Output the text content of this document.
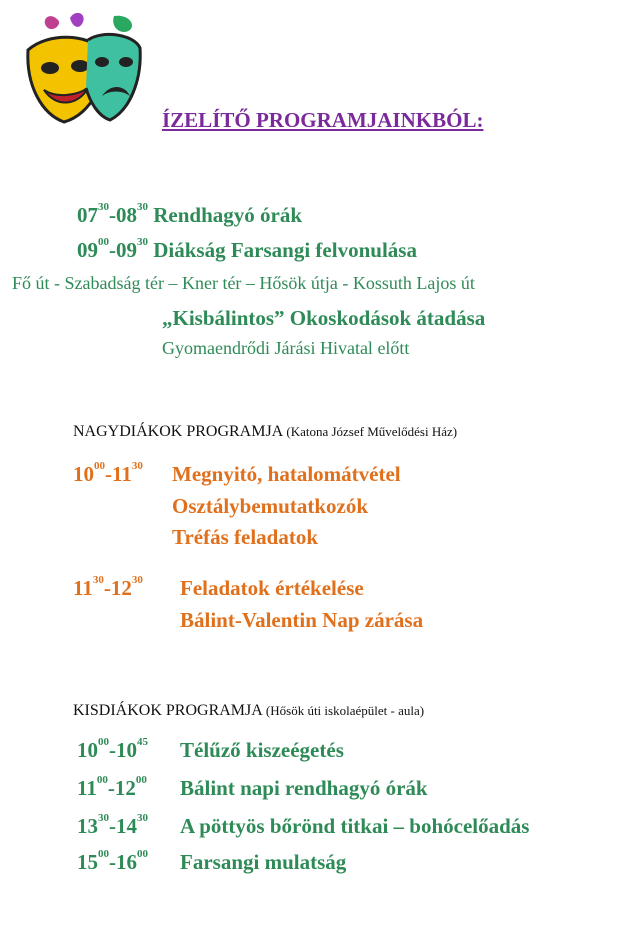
ÍZELÍTŐ PROGRAMJAINKBÓL:
$07^{30}-08^{30}$ Rendhagyó órák
$09^{00}-09^{30}$ Diákság Farsangi felvonulása
Fő út - Szabadság tér – Kner tér – Hősök útja - Kossuth Lajos út
„Kisbálintos” Okoskodások átadása
Gyomaendrődi Járási Hivatal előtt
NAGYDIÁKOK PROGRAMJA (Katona József Művelődési Ház)
$10^{00}-11^{30}$ Megnyitó, hatalomátvétel
Osztálybemutatkozók
Tréfás feladatok
$11^{30}-12^{30}$ Feladatok értékelése
Bálint-Valentin Nap zárása
KISDIÁKOK PROGRAMJA (Hősök úti iskolaépület - aula)
$10^{00}-10^{45}$ Télűző kiszeégetés
$11^{00}-12^{00}$ Bálint napi rendhagyó órák
$13^{30}-14^{30}$ A pöttyös bőrönd titkai – bohócelőadás
$15^{00}-16^{00}$ Farsangi mulatság
